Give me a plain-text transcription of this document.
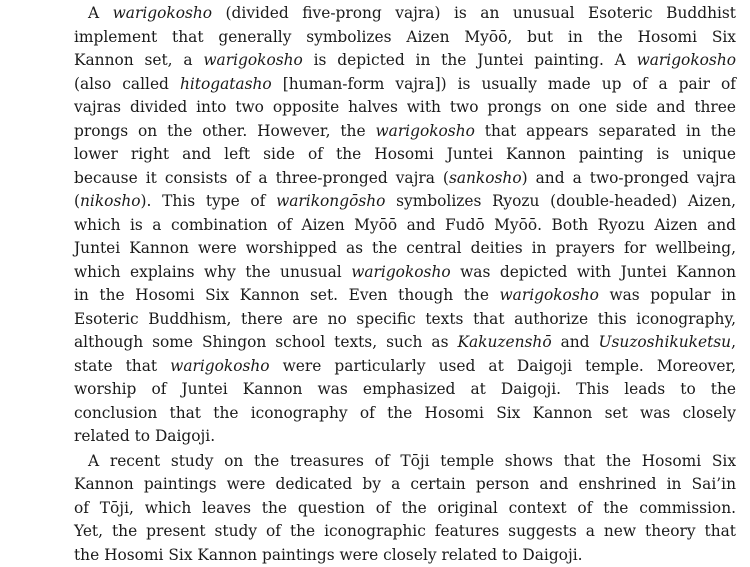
A warigokosho (divided five-prong vajra) is an unusual Esoteric Buddhist
implement that generally symbolizes Aizen Myōō, but in the Hosomi Six
Kannon set, a warigokosho is depicted in the Juntei painting. A warigokosho
(also called hitogatasho [human-form vajra]) is usually made up of a pair of
vajras divided into two opposite halves with two prongs on one side and three
prongs on the other. However, the warigokosho that appears separated in the
lower right and left side of the Hosomi Juntei Kannon painting is unique
because it consists of a three-pronged vajra (sankosho) and a two-pronged vajra
(nikosho). This type of warikongōsho symbolizes Ryozu (double-headed) Aizen,
which is a combination of Aizen Myōō and Fudō Myōō. Both Ryozu Aizen and
Juntei Kannon were worshipped as the central deities in prayers for wellbeing,
which explains why the unusual warigokosho was depicted with Juntei Kannon
in the Hosomi Six Kannon set. Even though the warigokosho was popular in
Esoteric Buddhism, there are no specific texts that authorize this iconography,
although some Shingon school texts, such as Kakuzenshō and Usuzoshikuketsu,
state that warigokosho were particularly used at Daigoji temple. Moreover,
worship of Juntei Kannon was emphasized at Daigoji. This leads to the
conclusion that the iconography of the Hosomi Six Kannon set was closely
related to Daigoji.
A recent study on the treasures of Tōji temple shows that the Hosomi Six
Kannon paintings were dedicated by a certain person and enshrined in Sai’in
of Tōji, which leaves the question of the original context of the commission.
Yet, the present study of the iconographic features suggests a new theory that
the Hosomi Six Kannon paintings were closely related to Daigoji.
